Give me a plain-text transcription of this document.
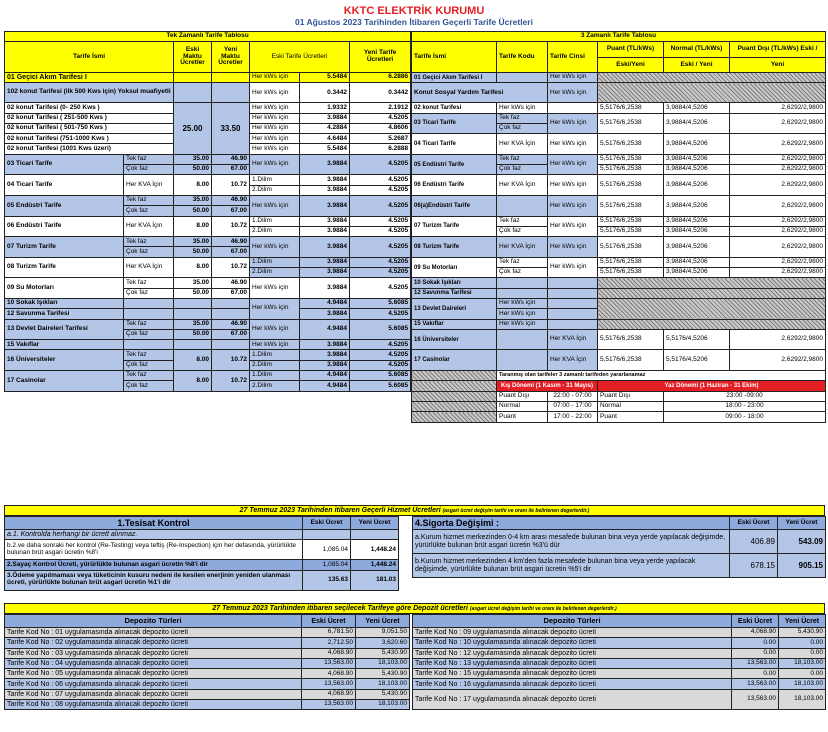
KKTC ELEKTRİK KURUMU
01 Ağustos 2023 Tarihinden İtibaren Geçerli Tarife Ücretleri
Tek Zamanlı Tarife Tablosu						
Tarife İsmi		Eski Maktu Ücretler	Yeni Maktu Ücretler	Eski Tarife Ücretleri		Yeni Tarife Ücretleri
01 Geçici Akım Tarifesi I				Her kWs için	5.5484	6.2886
102 konut Tarifesi (ilk 500 Kws için) Yoksul muafiyetli				Her kWs için	0.3442	0.3442
02 konut Tarifesi (0- 250 Kws )		25.00	33.50	Her kWs için	1.9332	2.1912
02 konut Tarifesi ( 251-500 Kws )				Her kWs için	3.9884	4.5205
02 konut Tarifesi ( 501-750 Kws )				Her kWs için	4.2884	4.8606
02 konut Tarifesi (751-1000 Kws )				Her kWs için	4.6484	5.2687
02 konut Tarifesi (1001 Kws üzeri)				Her kWs için	5.5484	6.2888
03 Ticari Tarife	Tek faz	35.00	46.90	Her kWs için	3.9884	4.5205
	Çok faz	50.00	67.00			
04 Ticari Tarife	Her KVA İçin	8.00	10.72	1.Dilim	3.9884	4.5205
				2.Dilim	3.9884	4.5205
05 Endüstri Tarife	Tek faz	35.00	46.90	Her kWs için	3.9884	4.5205
	Çok faz	50.00	67.00			
06 Endüstri Tarife	Her KVA İçin	8.00	10.72	1.Dilim	3.9884	4.5205
				2.Dilim	3.9884	4.5205
07 Turizm Tarife	Tek faz	35.00	46.90	Her kWs için	3.9884	4.5205
	Çok faz	50.00	67.00			
08 Turizm Tarife	Her KVA İçin	8.00	10.72	1.Dilim	3.9884	4.5205
				2.Dilim	3.9884	4.5205
09 Su Motorları	Tek faz	35.00	46.90	Her kWs için	3.9884	4.5205
	Çok faz	50.00	67.00			
10 Sokak Işıkları				Her kWs için	4.9484	5.6085
12 Savunma Tarifesi					3.9884	4.5205
13 Devlet Daireleri Tarifesi	Tek faz	35.00	46.90	Her kWs için	4.9484	5.6085
	Çok faz	50.00	67.00			
15 Vakıflar				Her kWs için	3.9884	4.5205
16 Üniversiteler	Tek faz	8.00	10.72	1.Dilim	3.9884	4.5205
	Çok faz			2.Dilim	3.9884	4.5205
17 Casinolar	Tek faz	8.00	10.72	1.Dilim	4.9484	5.6085
	Çok faz			2.Dilim	4.9484	5.6085
3 Zamanlı Tarife Tablosu					
Tarife İsmi	Tarife Kodu	Tarife Cinsi	Puant (TL/kWs)	Normal (TL/kWs)	Puant Dışı (TL/kWs) Eski /
			Eski/Yeni	Eski / Yeni	Yeni
01 Geçici Akım Tarifesi I		Her kWs için			
Konut Sosyal Yardım Tarifesi		Her kWs için			
02 konut Tarifesi	Her kWs için		5,5176/6,2538	3,9884/4,5206	2,6292/2,9800
03 Ticari Tarife	Tek faz	Her kWs için	5,5176/6,2538	3,9884/4,5206	2,6292/2,9800
	Çok faz				
04 Ticari Tarife	Her KVA İçin	Her kWs için	5,5176/6,2538	3,9884/4,5206	2,6292/2,9800
05 Endüstri Tarife	Tek faz	Her kWs için	5,5176/6,2538	3,9884/4,5206	2,6292/2,9800
	Çok faz		5,5176/6,2538	3,9884/4,5206	2,6292/2,9800
06 Endüstri Tarife	Her KVA İçin	Her kWs için	5,5176/6,2538	3,9884/4,5206	2,6292/2,9800
06(a)Endüstri Tarife		Her kWs için	5,5176/6,2538	3,9884/4,5206	2,6292/2,9800
07 Turizm Tarife	Tek faz	Her kWs için	5,5176/6,2538	3,9884/4,5206	2,6292/2,9800
	Çok faz		5,5176/6,2538	3,9884/4,5206	2,6292/2,9800
08 Turizm Tarife	Her KVA İçin	Her kWs için	5,5176/6,2538	3,9884/4,5206	2,6292/2,9800
09 Su Motorları	Tek faz	Her kWs için	5,5176/6,2538	3,9884/4,5206	2,6292/2,9800
	Çok faz		5,5176/6,2538	3,9884/4,5206	2,6292/2,9800
10 Sokak Işıkları					
12 Savunma Tarifesi					
13 Devlet Daireleri	Her kWs için				
	Her kWs için				
15 Vakıflar	Her kWs için				
16 Üniversiteler		Her KVA İçin	5,5176/6,2538	5,5176/4,5206	2,6292/2,9800
17 Casinolar		Her KVA İçin	5,5176/6,2538	5,5176/4,5206	2,6292/2,9800
	Taranmış olan tarifeler 3 zamanlı tarifeden yararlanamaz				
	Kış Dönemi (1 Kasım - 31 Mayıs)		Yaz Dönemi (1 Haziran - 31 Ekim)		
	Puant Dışı	22:00 - 07:00	Puant Dışı	23:00 -09:00	
	Normal	07:00 - 17:00	Normal	18:00 - 23:00	
	Puant	17:00 - 22:00	Puant	09:00 - 18:00	
27 Temmuz 2023 Tarihinden itibaren Geçerli Hizmet Ücretleri (asgari ücret değişim tarihi ve oranı ile belirlenen degerlerdir.)
1.Tesisat Kontrol	Eski Ücret	Yeni Ücret
a.1. Kontrolda herhangi bir ücrett alınmaz.		
b.2.ve daha sonraki her kontrol (Re-Testing) veya teftiş (Re-Inspection) için her defasında, yürürlükte bulunan brüt asgari ücretin %8'i	1,085.04	1,448.24
2.Sayaç Kontrol Ücreti, yürürlükte bulunan asgari ücretin %8'i dir	1,085.04	1,448.24
3.Ödeme yapılmaması veya tüketicinin kusuru nedeni ile kesilen enerjinin yeniden ulanması ücreti, yürürlükte bulunan brüt asgari ücretin %1'i dir	135.63	181.03
4.Sigorta Değişimi :	Eski Ücret	Yeni Ücret
a.Kurum hizmet merkezinden 0-4 km arası mesafede bulunan bina veya yerde yapılacak değişimde, yürürlükte bulunan brüt asgari ücretin %3'ü dür	406.89	543.09
b.Kurum hizmet merkezinden 4 km'den fazla mesafede bulunan bina veya yerde yapılacak değişimde, yürürlükte bulunan brüt asgari ücretin %5'i dir	678.15	905.15
27 Temmuz 2023 Tarihinden itibaren seçilecek Tarifeye göre Depozit ücretleri (asgari ücret değişim tarihi ve oranı ile belirlenen degerlerdir.)
Depozito Türleri	Eski Ücret	Yeni Ücret
Tarife Kod No : 01 uygulamasında alınacak depozito ücreti	6,781.50	9,051.50
Tarife Kod No : 02 uygulamasında alınacak depozito ücreti	2,712.50	3,620.60
Tarife Kod No : 03 uygulamasında alınacak depozito ücreti	4,068.90	5,430.90
Tarife Kod No : 04 uygulamasında alınacak depozito ücreti	13,563.00	18,103.00
Tarife Kod No : 05 uygulamasında alınacak depozito ücreti	4,068.90	5,430.90
Tarife Kod No : 06 uygulamasında alınacak depozito ücreti	13,563.00	18,103.00
Tarife Kod No : 07 uygulamasında alınacak depozito ücreti	4,068.90	5,430.90
Tarife Kod No : 08 uygulamasında alınacak depozito ücreti	13,563.00	18,103.00
Depozito Türleri	Eski Ücret	Yeni Ücret
Tarife Kod No : 09 uygulamasında alınacak depozito ücreti	4,068.90	5,430.90
Tarife Kod No : 10 uygulamasında alınacak depozito ücreti	0.00	0.00
Tarife Kod No : 12 uygulamasında alınacak depozito ücreti	0.00	0.00
Tarife Kod No : 13 uygulamasında alınacak depozito ücreti	13,563.00	18,103.00
Tarife Kod No : 15 uygulamasında alınacak depozito ücreti	0.00	0.00
Tarife Kod No : 16 uygulamasında alınacak depozito ücreti	13,563.00	18,103.00
Tarife Kod No : 17 uygulamasında alınacak depozito ücreti	13,563.00	18,103.00
